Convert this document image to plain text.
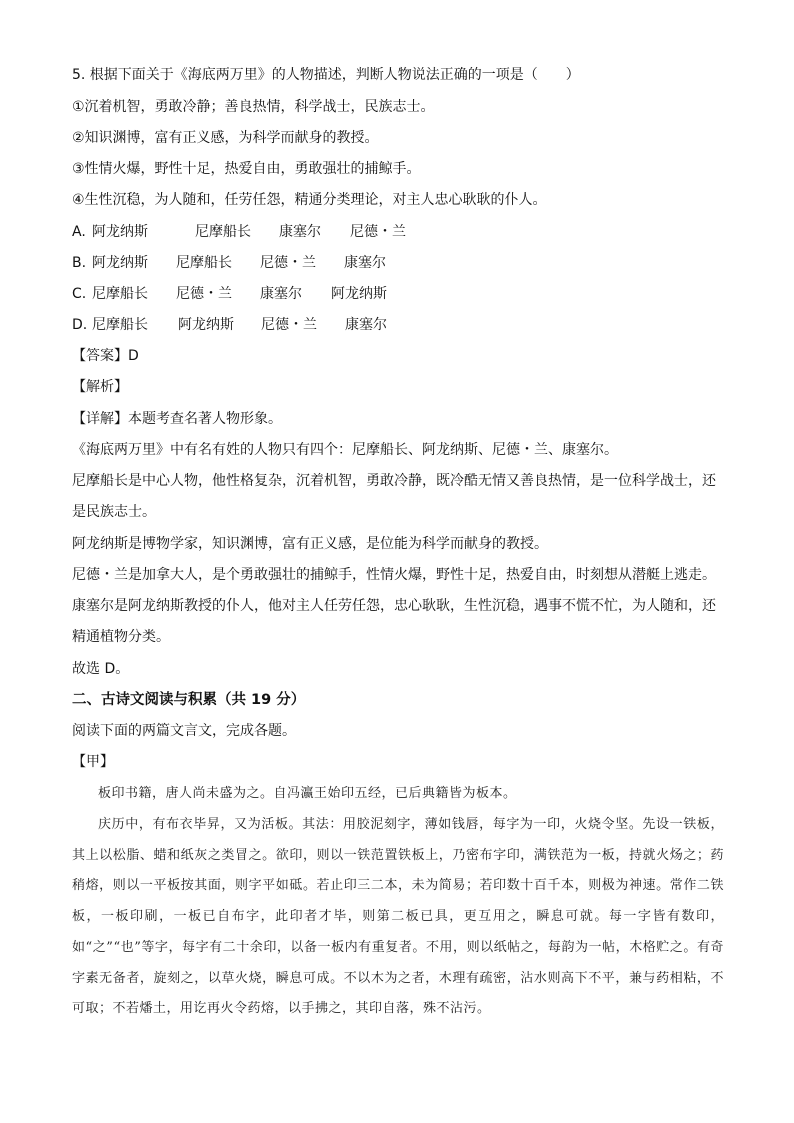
5. 根据下面关于《海底两万里》的人物描述，判断人物说法正确的一项是（　　）
①沉着机智，勇敢冷静；善良热情，科学战士，民族志士。
②知识渊博，富有正义感，为科学而献身的教授。
③性情火爆，野性十足，热爱自由，勇敢强壮的捕鲸手。
④生性沉稳，为人随和，任劳任怨，精通分类理论，对主人忠心耿耿的仆人。
A. 阿龙纳斯	尼摩船长	康塞尔	尼德・兰
B. 阿龙纳斯	尼摩船长	尼德・兰	康塞尔
C. 尼摩船长	尼德・兰	康塞尔	阿龙纳斯
D. 尼摩船长	阿龙纳斯	尼德・兰	康塞尔
【答案】D
【解析】
【详解】本题考查名著人物形象。
《海底两万里》中有名有姓的人物只有四个：尼摩船长、阿龙纳斯、尼德・兰、康塞尔。
尼摩船长是中心人物，他性格复杂，沉着机智，勇敢冷静，既冷酷无情又善良热情，是一位科学战士，还
是民族志士。
阿龙纳斯是博物学家，知识渊博，富有正义感，是位能为科学而献身的教授。
尼德・兰是加拿大人，是个勇敢强壮的捕鲸手，性情火爆，野性十足，热爱自由，时刻想从潜艇上逃走。
康塞尔是阿龙纳斯教授的仆人，他对主人任劳任怨，忠心耿耿，生性沉稳，遇事不慌不忙，为人随和，还
精通植物分类。
故选 D。
二、古诗文阅读与积累（共 19 分）
阅读下面的两篇文言文，完成各题。
【甲】
板印书籍，唐人尚未盛为之。自冯瀛王始印五经，已后典籍皆为板本。
庆历中，有布衣毕昇，又为活板。其法：用胶泥刻字，薄如钱唇，每字为一印，火烧令坚。先设一铁板，其上以松脂、蜡和纸灰之类冒之。欲印，则以一铁范置铁板上，乃密布字印，满铁范为一板，持就火炀之；药稍熔，则以一平板按其面，则字平如砥。若止印三二本，未为简易；若印数十百千本，则极为神速。常作二铁板，一板印刷，一板已自布字，此印者才毕，则第二板已具，更互用之，瞬息可就。每一字皆有数印，如“之”“也”等字，每字有二十余印，以备一板内有重复者。不用，则以纸帖之，每韵为一帖，木格贮之。有奇字素无备者，旋刻之，以草火烧，瞬息可成。不以木为之者，木理有疏密，沾水则高下不平，兼与药相粘，不可取；不若燔土，用讫再火令药熔，以手拂之，其印自落，殊不沾污。
